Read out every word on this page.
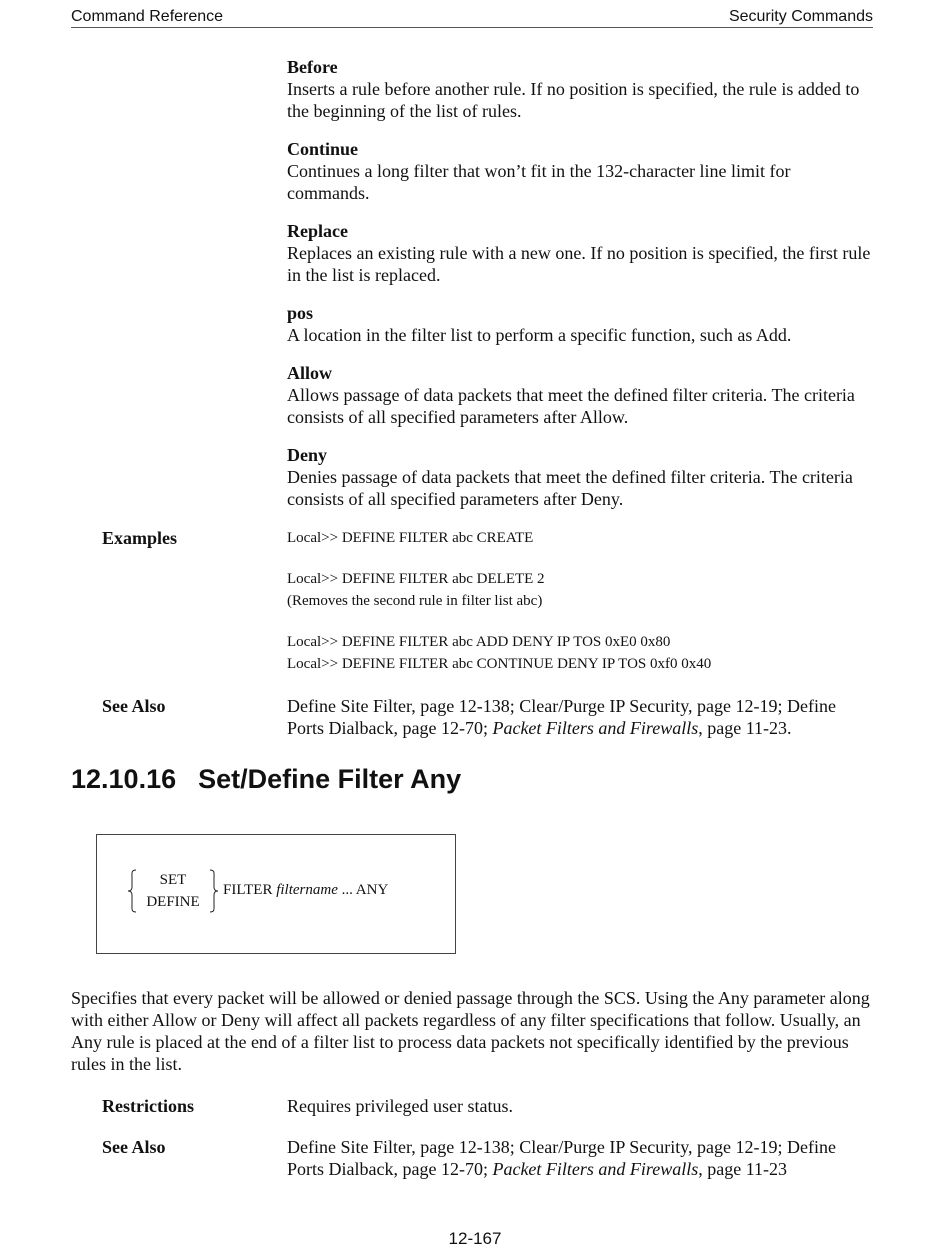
Command Reference	Security Commands
Before
Inserts a rule before another rule. If no position is specified, the rule is added to the beginning of the list of rules.
Continue
Continues a long filter that won’t fit in the 132-character line limit for commands.
Replace
Replaces an existing rule with a new one. If no position is specified, the first rule in the list is replaced.
pos
A location in the filter list to perform a specific function, such as Add.
Allow
Allows passage of data packets that meet the defined filter criteria. The criteria consists of all specified parameters after Allow.
Deny
Denies passage of data packets that meet the defined filter criteria. The criteria consists of all specified parameters after Deny.
Examples	Local>> DEFINE FILTER abc CREATE
Local>> DEFINE FILTER abc DELETE 2
(Removes the second rule in filter list abc)
Local>> DEFINE FILTER abc ADD DENY IP TOS 0xE0 0x80
Local>> DEFINE FILTER abc CONTINUE DENY IP TOS 0xf0 0x40
See Also	Define Site Filter, page 12-138; Clear/Purge IP Security, page 12-19; Define Ports Dialback, page 12-70; Packet Filters and Firewalls, page 11-23.
12.10.16 Set/Define Filter Any
SET
DEFINE
FILTER filtername ... ANY
Specifies that every packet will be allowed or denied passage through the SCS. Using the Any parameter along with either Allow or Deny will affect all packets regardless of any filter specifications that follow. Usually, an Any rule is placed at the end of a filter list to process data packets not specifically identified by the previous rules in the list.
Restrictions	Requires privileged user status.
See Also	Define Site Filter, page 12-138; Clear/Purge IP Security, page 12-19; Define Ports Dialback, page 12-70; Packet Filters and Firewalls, page 11-23
12-167
